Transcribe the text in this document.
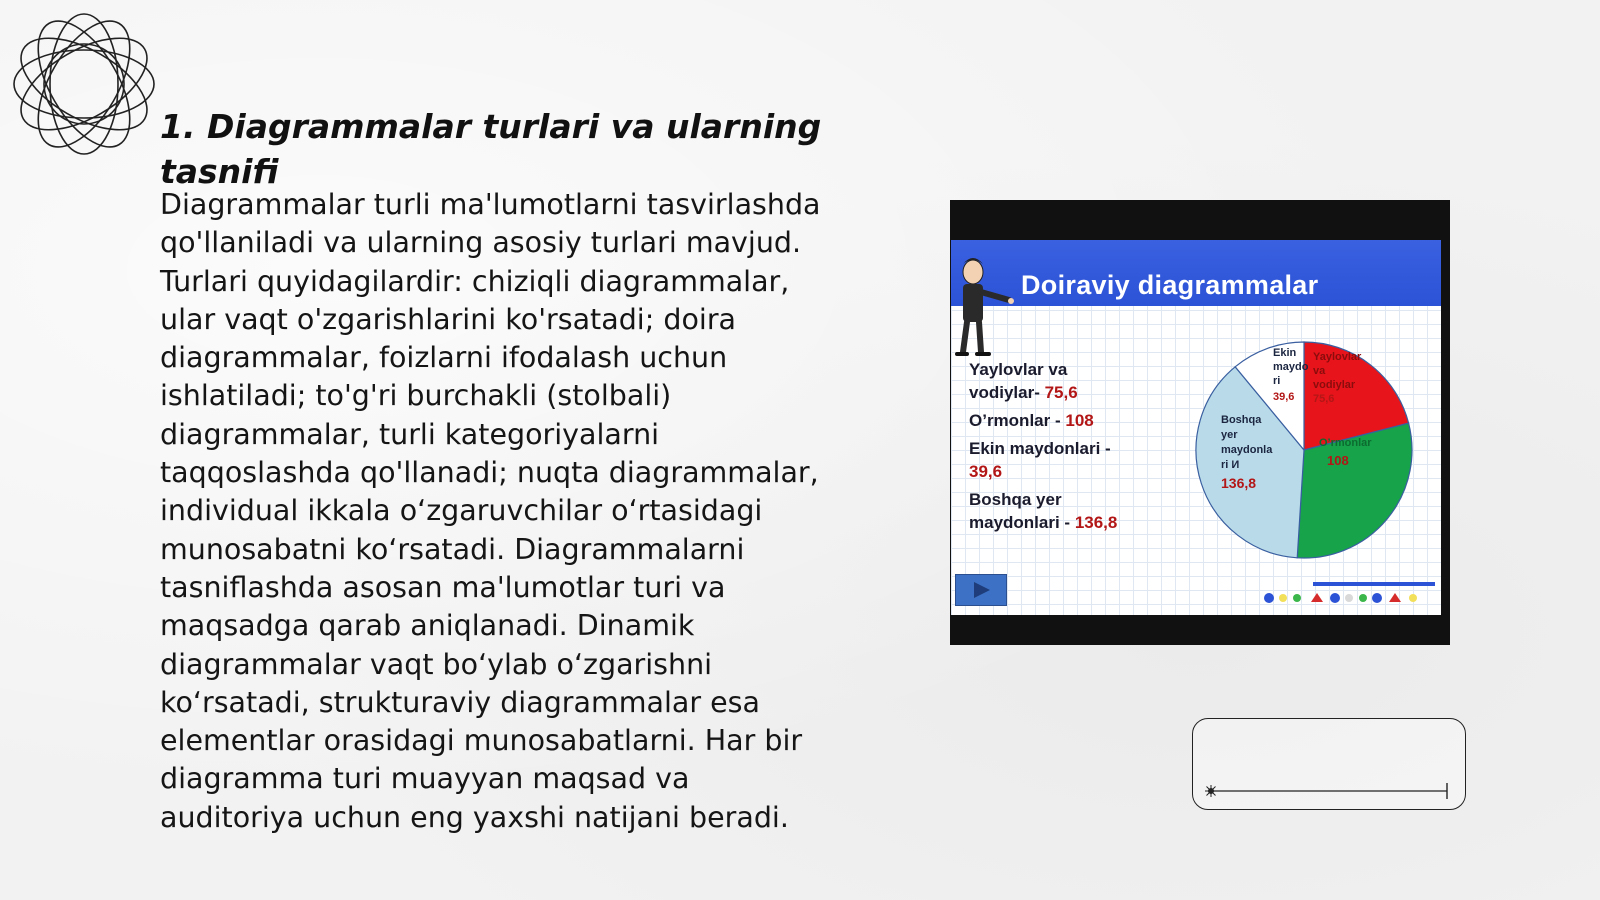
1. Diagrammalar turlari va ularning tasnifi

Diagrammalar turli ma'lumotlarni tasvirlashda qo'llaniladi va ularning asosiy turlari mavjud. Turlari quyidagilardir: chiziqli diagrammalar, ular vaqt o'zgarishlarini ko'rsatadi; doira diagrammalar, foizlarni ifodalash uchun ishlatiladi; to'g'ri burchakli (stolbali) diagrammalar, turli kategoriyalarni taqqoslashda qo'llanadi; nuqta diagrammalar, individual ikkala oʻzgaruvchilar oʻrtasidagi munosabatni koʻrsatadi. Diagrammalarni tasniflashda asosan ma'lumotlar turi va maqsadga qarab aniqlanadi. Dinamik diagrammalar vaqt boʻylab oʻzgarishni koʻrsatadi, strukturaviy diagrammalar esa elementlar orasidagi munosabatlarni. Har bir diagramma turi muayyan maqsad va auditoriya uchun eng yaxshi natijani beradi.

Doiraviy diagrammalar
Yaylovlar va
vodiylar- 75,6
O’rmonlar - 108
Ekin maydonlari -
39,6
Boshqa yer
maydonlari - 136,8
Ekin
maydo
ri
39,6
Boshqa
yer
maydonla
ri И
136,8
O’rmonlar
108
Yaylovlar
va
vodiylar
75,6
